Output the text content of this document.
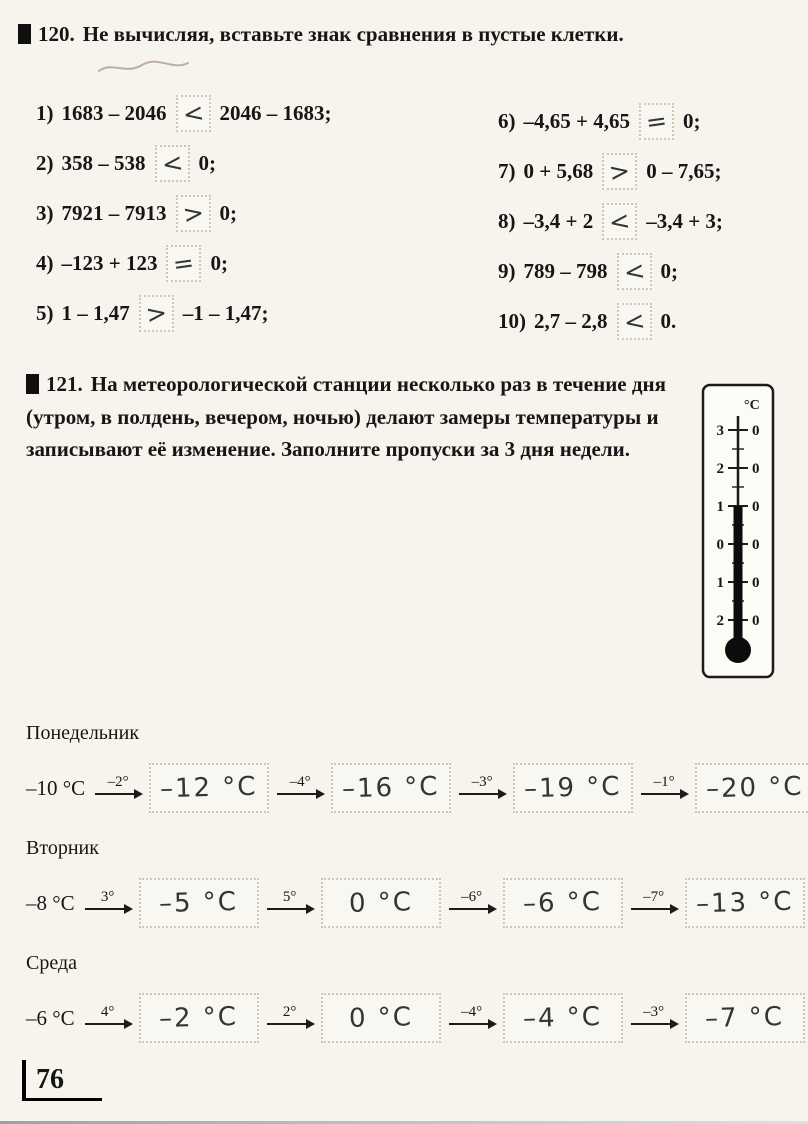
120. Не вычисляя, вставьте знак сравнения в пустые клетки.
1) 1683 – 2046 < 2046 – 1683;
2) 358 – 538 < 0;
3) 7921 – 7913 > 0;
4) –123 + 123 = 0;
5) 1 – 1,47 > –1 – 1,47;
6) –4,65 + 4,65 = 0;
7) 0 + 5,68 > 0 – 7,65;
8) –3,4 + 2 < –3,4 + 3;
9) 789 – 798 < 0;
10) 2,7 – 2,8 < 0.
121. На метеорологической станции несколько раз в течение дня (утром, в полдень, вечером, ночью) делают замеры температуры и записывают её изменение. Заполните пропуски за 3 дня недели.
°C
3 0
2 0
1 0
0 0
1 0
2 0
Понедельник
–10 °C –2° –12 °C –4° –16 °C –3° –19 °C –1° –20 °C
Вторник
–8 °C 3° –5 °C	5° 0 °C	–6° –6 °C	–7° –13 °C
Среда
–6 °C 4° –2 °C	2° 0 °C	–4° –4 °C	–3° –7 °C
76
